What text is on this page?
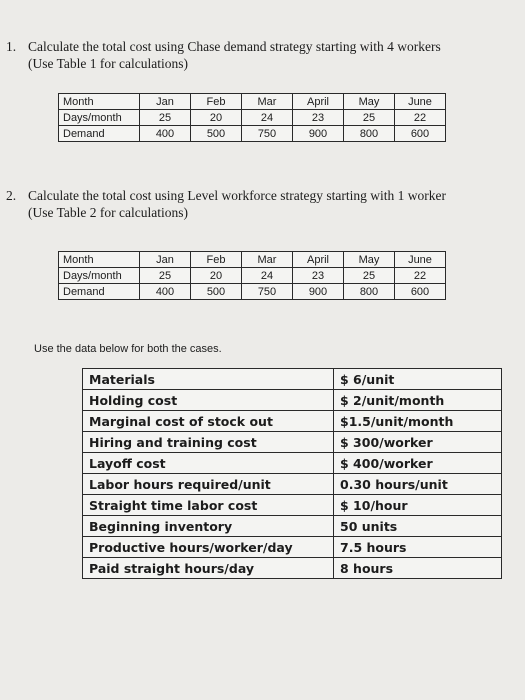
1. Calculate the total cost using Chase demand strategy starting with 4 workers
(Use Table 1 for calculations)
Month	Jan	Feb	Mar	April	May	June
Days/month	25	20	24	23	25	22
Demand	400	500	750	900	800	600
2. Calculate the total cost using Level workforce strategy starting with 1 worker
(Use Table 2 for calculations)
Month	Jan	Feb	Mar	April	May	June
Days/month	25	20	24	23	25	22
Demand	400	500	750	900	800	600
Use the data below for both the cases.
Materials	$ 6/unit
Holding cost	$ 2/unit/month
Marginal cost of stock out	$1.5/unit/month
Hiring and training cost	$ 300/worker
Layoff cost	$ 400/worker
Labor hours required/unit	0.30 hours/unit
Straight time labor cost	$ 10/hour
Beginning inventory	50 units
Productive hours/worker/day	7.5 hours
Paid straight hours/day	8 hours
